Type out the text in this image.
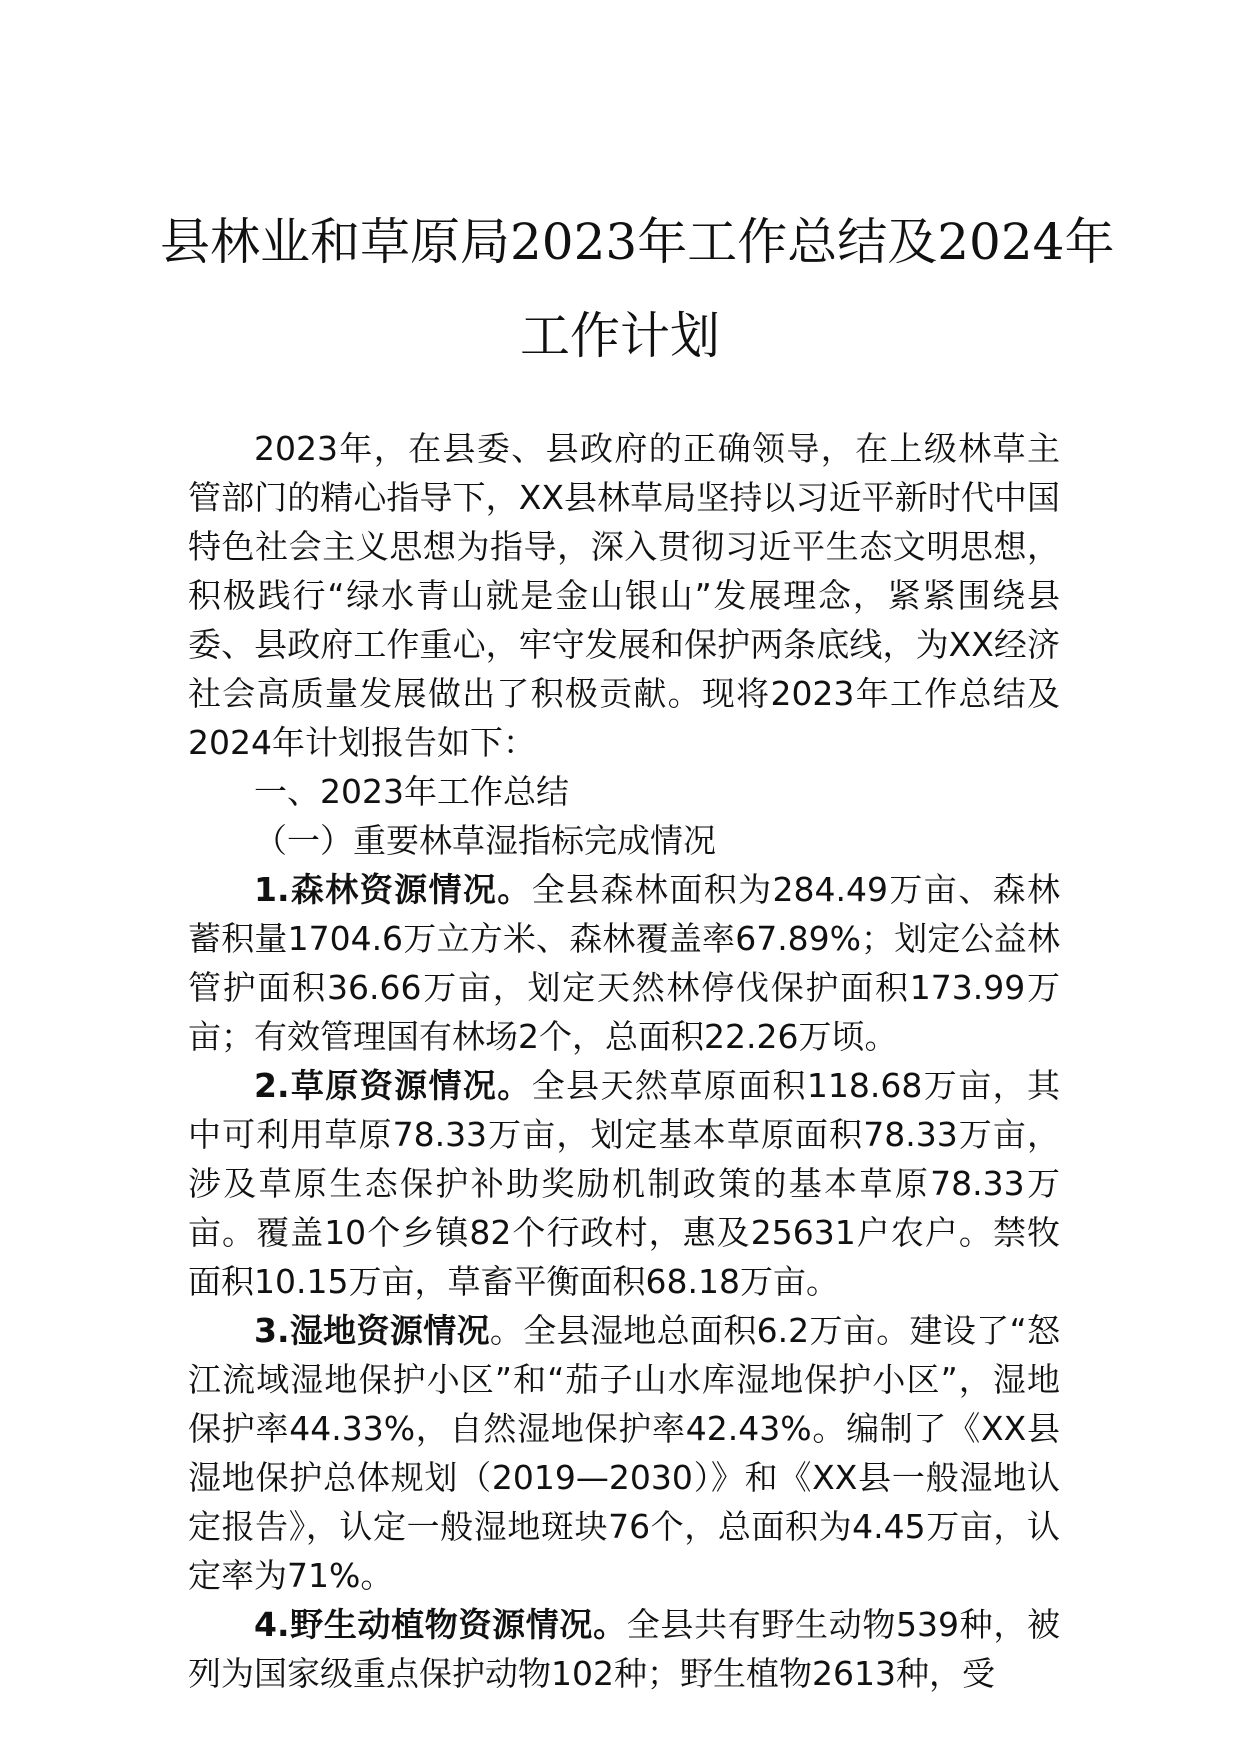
县林业和草原局2023年工作总结及2024年
工作计划

2023年，在县委、县政府的正确领导，在上级林草主管部门的精心指导下，XX县林草局坚持以习近平新时代中国特色社会主义思想为指导，深入贯彻习近平生态文明思想，积极践行“绿水青山就是金山银山”发展理念，紧紧围绕县委、县政府工作重心，牢守发展和保护两条底线，为XX经济社会高质量发展做出了积极贡献。现将2023年工作总结及2024年计划报告如下：

一、2023年工作总结

（一）重要林草湿指标完成情况

1.森林资源情况。全县森林面积为284.49万亩、森林蓄积量1704.6万立方米、森林覆盖率67.89%；划定公益林管护面积36.66万亩，划定天然林停伐保护面积173.99万亩；有效管理国有林场2个，总面积22.26万顷。

2.草原资源情况。全县天然草原面积118.68万亩，其中可利用草原78.33万亩，划定基本草原面积78.33万亩，涉及草原生态保护补助奖励机制政策的基本草原78.33万亩。覆盖10个乡镇82个行政村，惠及25631户农户。禁牧面积10.15万亩，草畜平衡面积68.18万亩。

3.湿地资源情况。全县湿地总面积6.2万亩。建设了“怒江流域湿地保护小区”和“茄子山水库湿地保护小区”，湿地保护率44.33%，自然湿地保护率42.43%。编制了《XX县湿地保护总体规划（2019—2030）》和《XX县一般湿地认定报告》，认定一般湿地斑块76个，总面积为4.45万亩，认定率为71%。

4.野生动植物资源情况。全县共有野生动物539种，被列为国家级重点保护动物102种；野生植物2613种，受
